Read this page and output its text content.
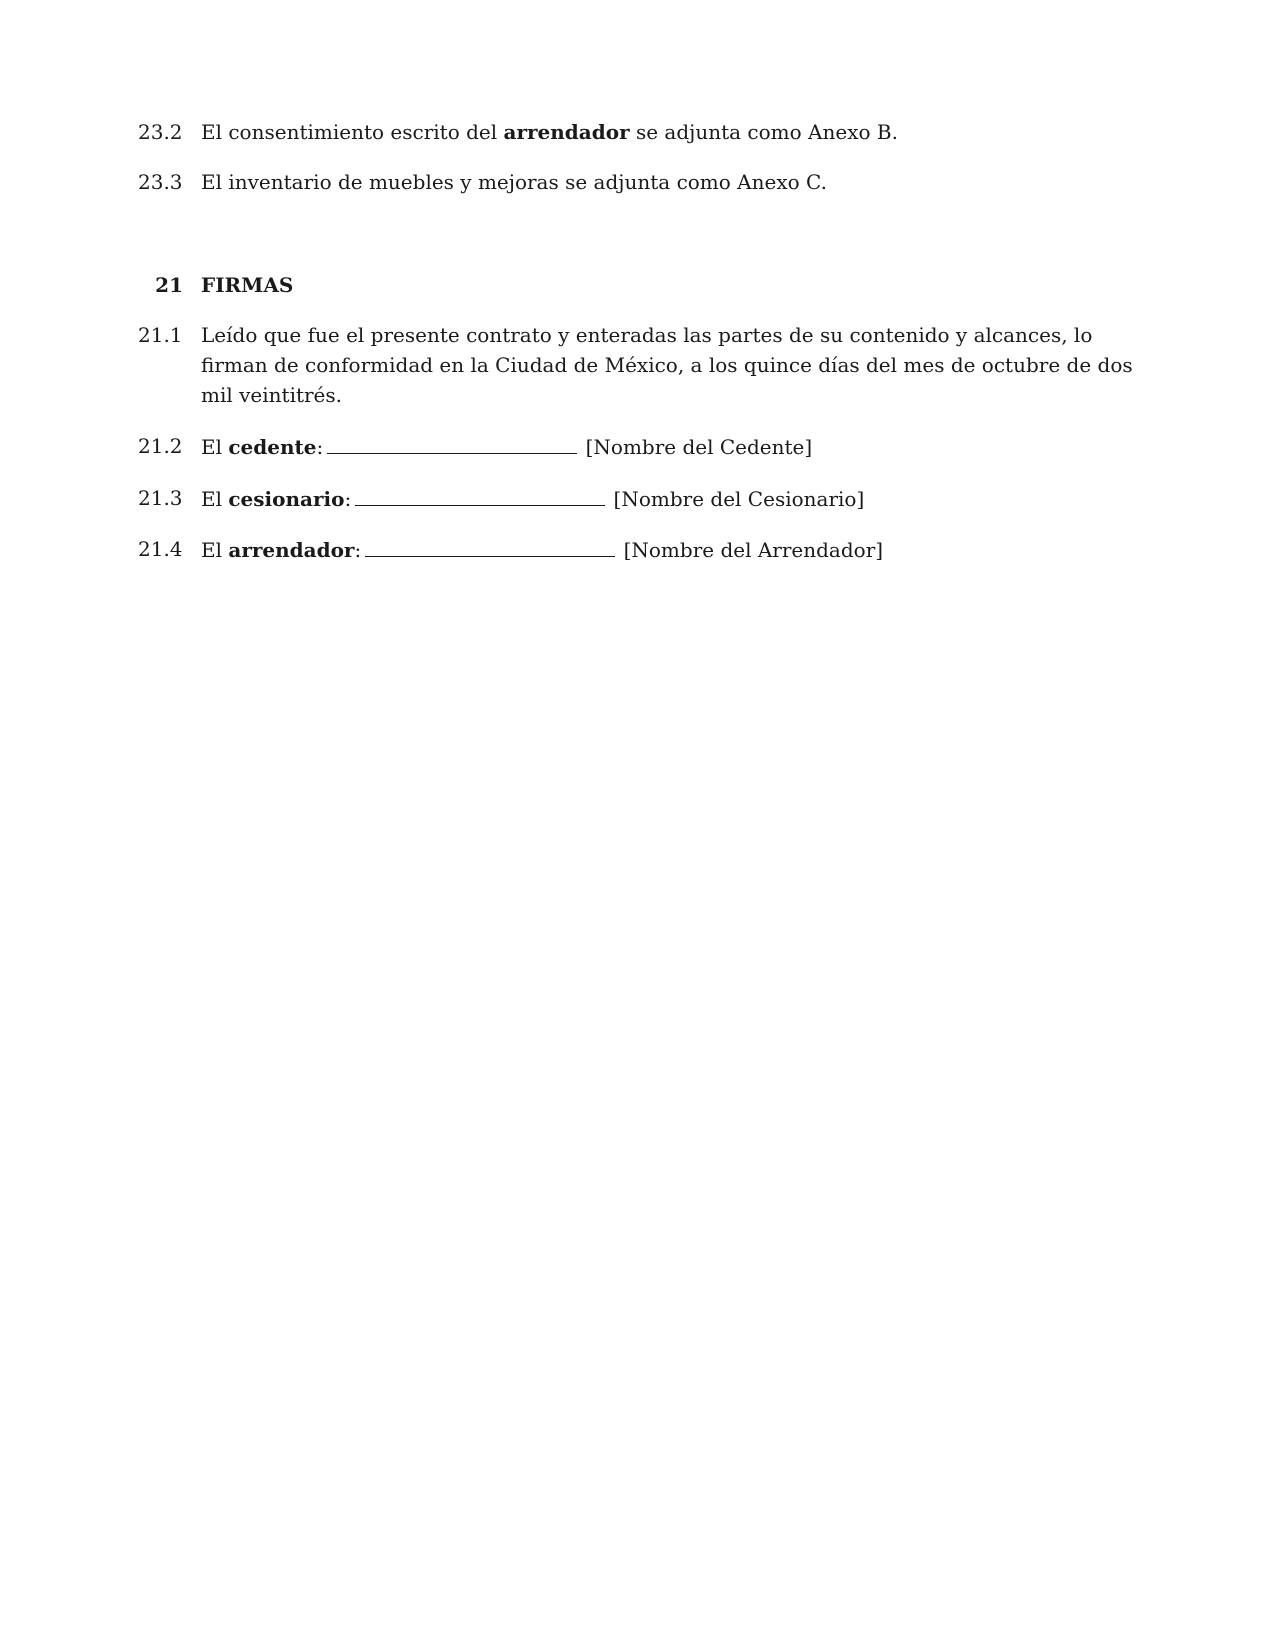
23.2 El consentimiento escrito del arrendador se adjunta como Anexo B.
23.3 El inventario de muebles y mejoras se adjunta como Anexo C.
21 FIRMAS
21.1 Leído que fue el presente contrato y enteradas las partes de su contenido y alcances, lo firman de conformidad en la Ciudad de México, a los quince días del mes de octubre de dos mil veintitrés.
21.2 El cedente:	[Nombre del Cedente]
21.3 El cesionario:	[Nombre del Cesionario]
21.4 El arrendador:	[Nombre del Arrendador]
